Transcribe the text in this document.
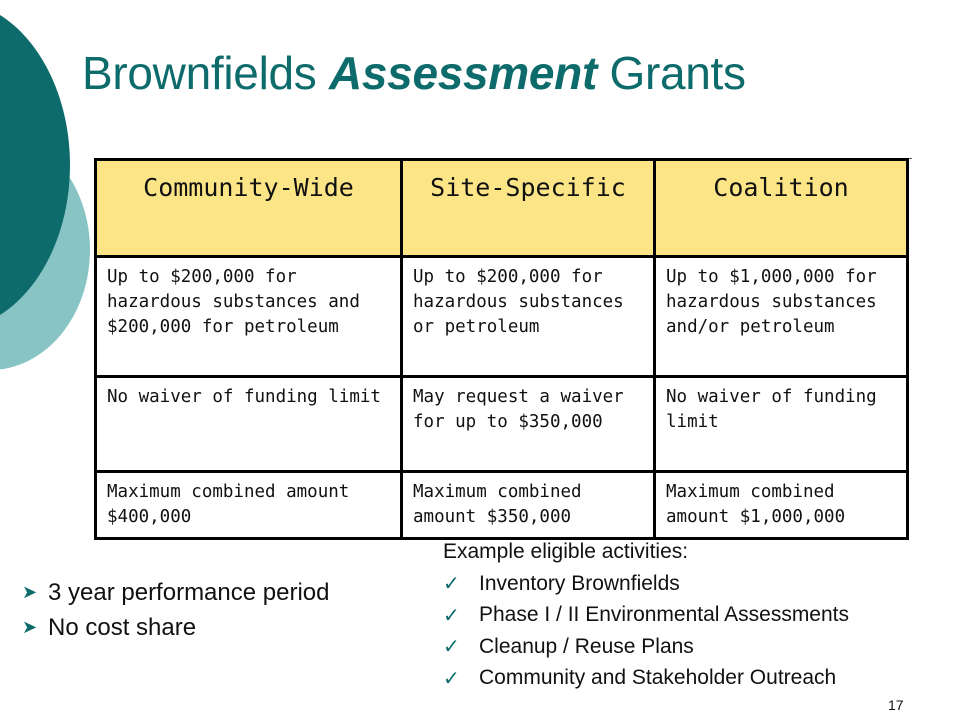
Brownfields Assessment Grants
Community-Wide	Site-Specific	Coalition
Up to $200,000 for hazardous substances and $200,000 for petroleum	Up to $200,000 for hazardous substances or petroleum	Up to $1,000,000 for hazardous substances and/or petroleum
No waiver of funding limit	May request a waiver for up to $350,000	No waiver of funding limit
Maximum combined amount $400,000	Maximum combined amount $350,000	Maximum combined amount $1,000,000
➤ 3 year performance period
➤ No cost share
Example eligible activities:
✓ Inventory Brownfields
✓ Phase I / II Environmental Assessments
✓ Cleanup / Reuse Plans
✓ Community and Stakeholder Outreach
17
